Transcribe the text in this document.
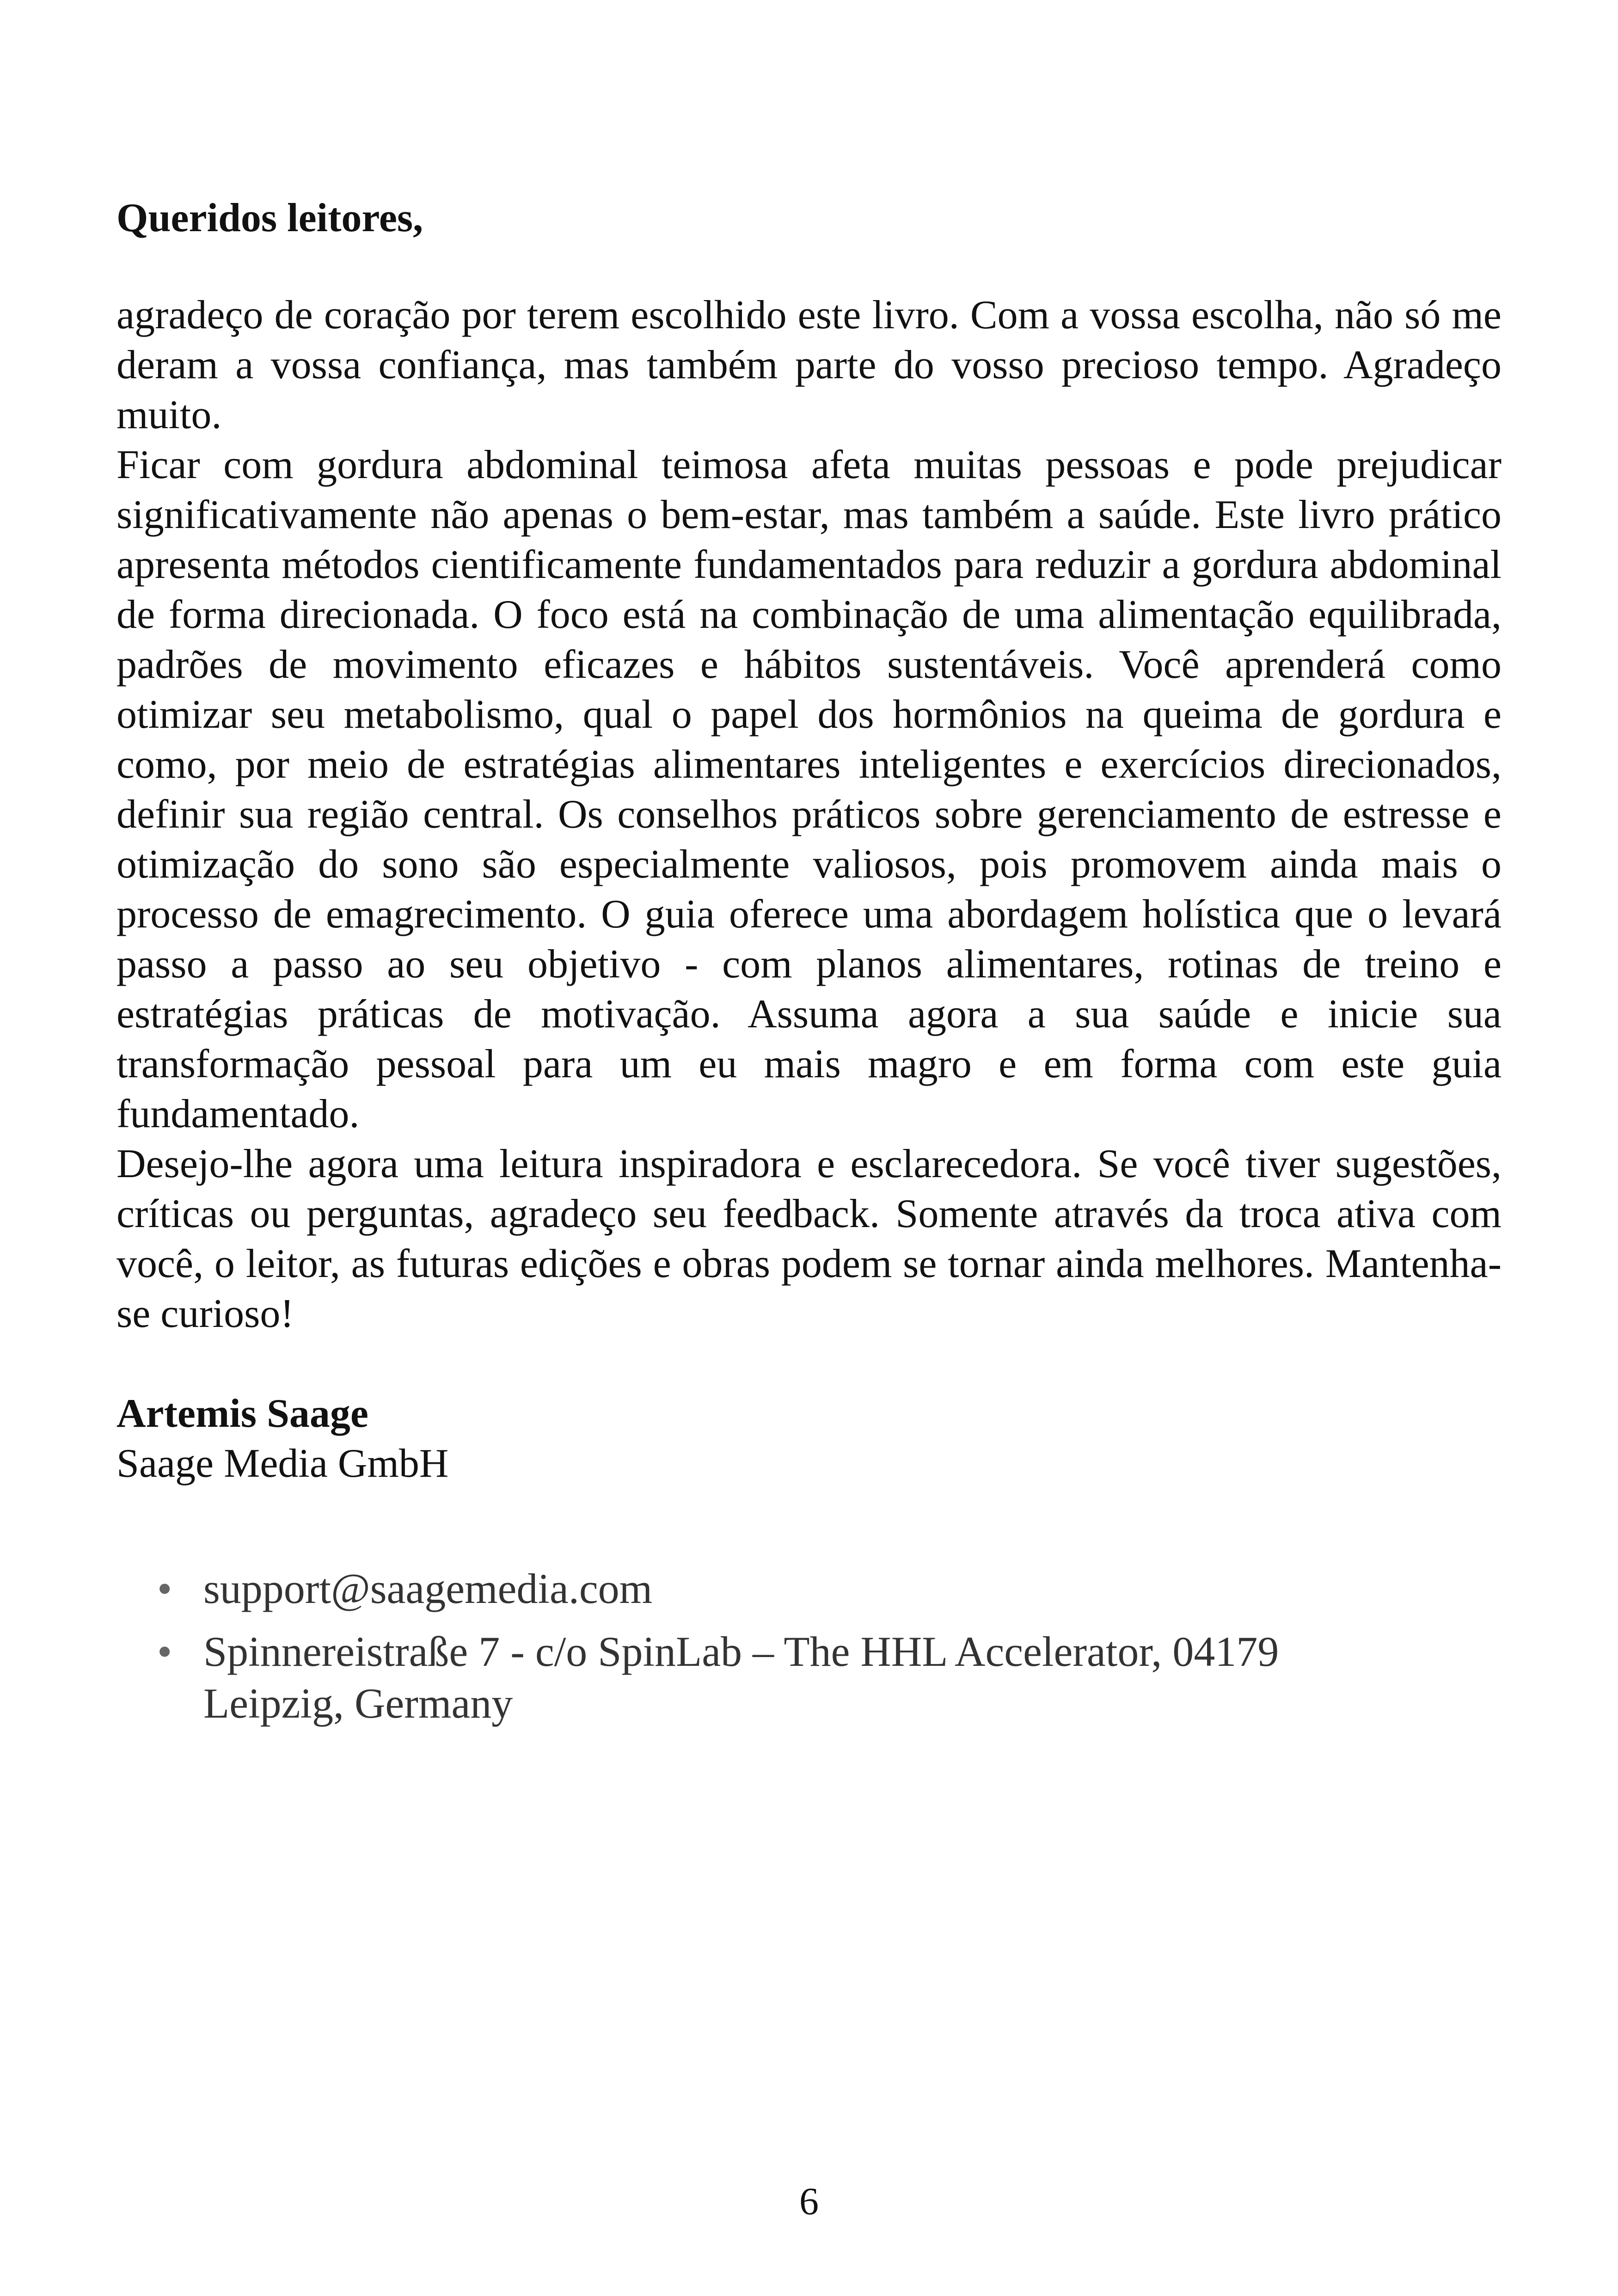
Queridos leitores,

agradeço de coração por terem escolhido este livro. Com a vossa escolha, não só me deram a vossa confiança, mas também parte do vosso precioso tempo. Agradeço muito.

Ficar com gordura abdominal teimosa afeta muitas pessoas e pode prejudicar significativamente não apenas o bem-estar, mas também a saúde. Este livro prático apresenta métodos cientificamente fundamentados para reduzir a gordura abdominal de forma direcionada. O foco está na combinação de uma alimentação equilibrada, padrões de movimento eficazes e hábitos sustentáveis. Você aprenderá como otimizar seu metabolismo, qual o papel dos hormônios na queima de gordura e como, por meio de estratégias alimentares inteligentes e exercícios direcionados, definir sua região central. Os conselhos práticos sobre gerenciamento de estresse e otimização do sono são especialmente valiosos, pois promovem ainda mais o processo de emagrecimento. O guia oferece uma abordagem holística que o levará passo a passo ao seu objetivo - com planos alimentares, rotinas de treino e estratégias práticas de motivação. Assuma agora a sua saúde e inicie sua transformação pessoal para um eu mais magro e em forma com este guia fundamentado.

Desejo-lhe agora uma leitura inspiradora e esclarecedora. Se você tiver sugestões, críticas ou perguntas, agradeço seu feedback. Somente através da troca ativa com você, o leitor, as futuras edições e obras podem se tornar ainda melhores. Mantenha-se curioso!

Artemis Saage

Saage Media GmbH

• support@saagemedia.com
• Spinnereistraße 7 - c/o SpinLab – The HHL Accelerator, 04179
Leipzig, Germany
6
